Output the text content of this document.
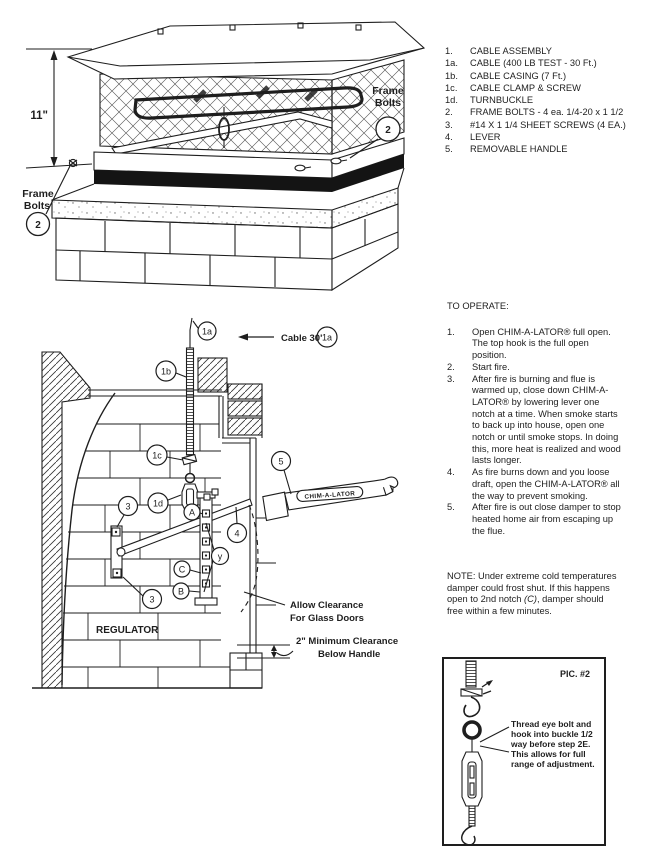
11"
Frame
Bolts
2
Frame
Bolts
2
1.	CABLE ASSEMBLY
1a.	CABLE (400 LB TEST - 30 Ft.)
1b.	CABLE CASING (7 Ft.)
1c.	CABLE CLAMP & SCREW
1d.	TURNBUCKLE
2.	FRAME BOLTS - 4 ea. 1/4-20 x 1 1/2
3.	#14 X 1 1/4 SHEET SCREWS (4 EA.)
4.	LEVER
5.	REMOVABLE HANDLE
TO OPERATE:
1.	Open CHIM-A-LATOR® full open. The top hook is the full open position.
2.	Start fire.
3.	After fire is burning and flue is warmed up, close down CHIM-A-LATOR® by lowering lever one notch at a time. When smoke starts to back up into house, open one notch or until smoke stops. In doing this, more heat is realized and wood lasts longer.
4.	As fire burns down and you loose draft, open the CHIM-A-LATOR® all the way to prevent smoking.
5.	After fire is out close damper to stop heated home air from escaping up the flue.
NOTE: Under extreme cold temperatures damper could frost shut. If this happens open to 2nd notch (C), damper should free within a few minutes.
1a
1a
1b
1c
1d
3
3
4
5
A
y
C
B
Cable 30'
REGULATOR
CHIM-A-LATOR
Allow Clearance
For Glass Doors
2" Minimum Clearance
Below Handle
PIC. #2
Thread eye bolt and
hook into buckle 1/2
way before step 2E.
This allows for full
range of adjustment.
